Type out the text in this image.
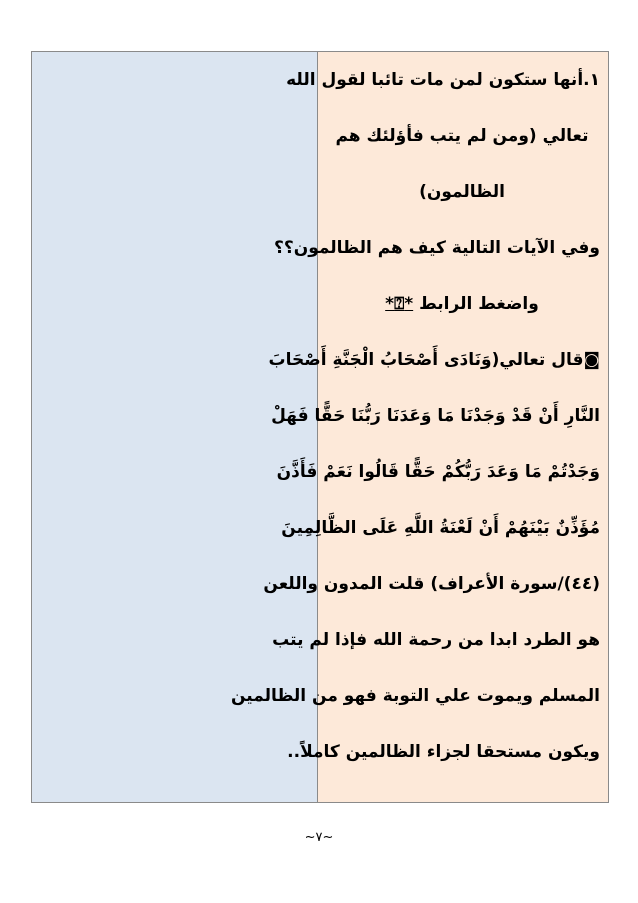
١.أنها ستكون لمن مات تائبا لقول الله
تعالي (ومن لم يتب فأؤلئك هم
الظالمون)
وفي الآيات التالية كيف هم الظالمون؟؟
واضغط الرابط *⍰*
◙قال تعالي(وَنَادَى أَصْحَابُ الْجَنَّةِ أَصْحَابَ
النَّارِ أَنْ قَدْ وَجَدْنَا مَا وَعَدَنَا رَبُّنَا حَقًّا فَهَلْ
وَجَدْتُمْ مَا وَعَدَ رَبُّكُمْ حَقًّا قَالُوا نَعَمْ فَأَذَّنَ
مُؤَذِّنٌ بَيْنَهُمْ أَنْ لَعْنَةُ اللَّهِ عَلَى الظَّالِمِينَ
(٤٤)/سورة الأعراف) قلت المدون واللعن
هو الطرد ابدا من رحمة الله فإذا لم يتب
المسلم ويموت علي التوبة فهو من الظالمين
ويكون مستحقا لجزاء الظالمين كاملاً..
~٧~
